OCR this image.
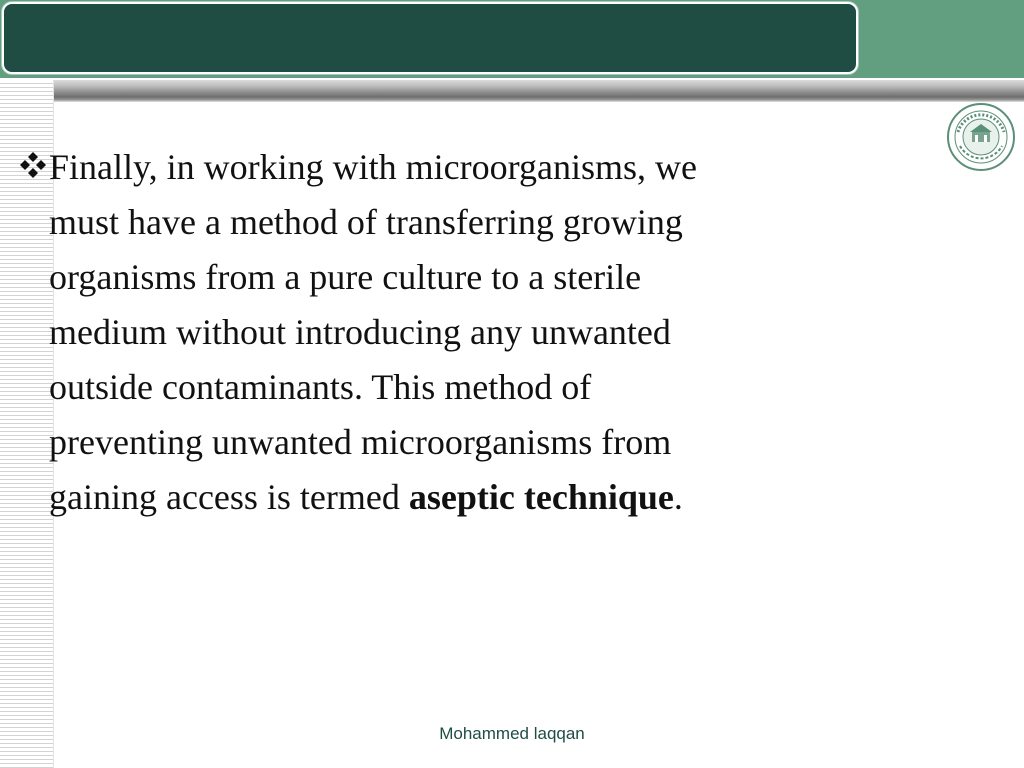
Finally, in working with microorganisms, we
must have a method of transferring growing
organisms from a pure culture to a sterile
medium without introducing any unwanted
outside contaminants. This method of
preventing unwanted microorganisms from
gaining access is termed aseptic technique.

Mohammed laqqan
